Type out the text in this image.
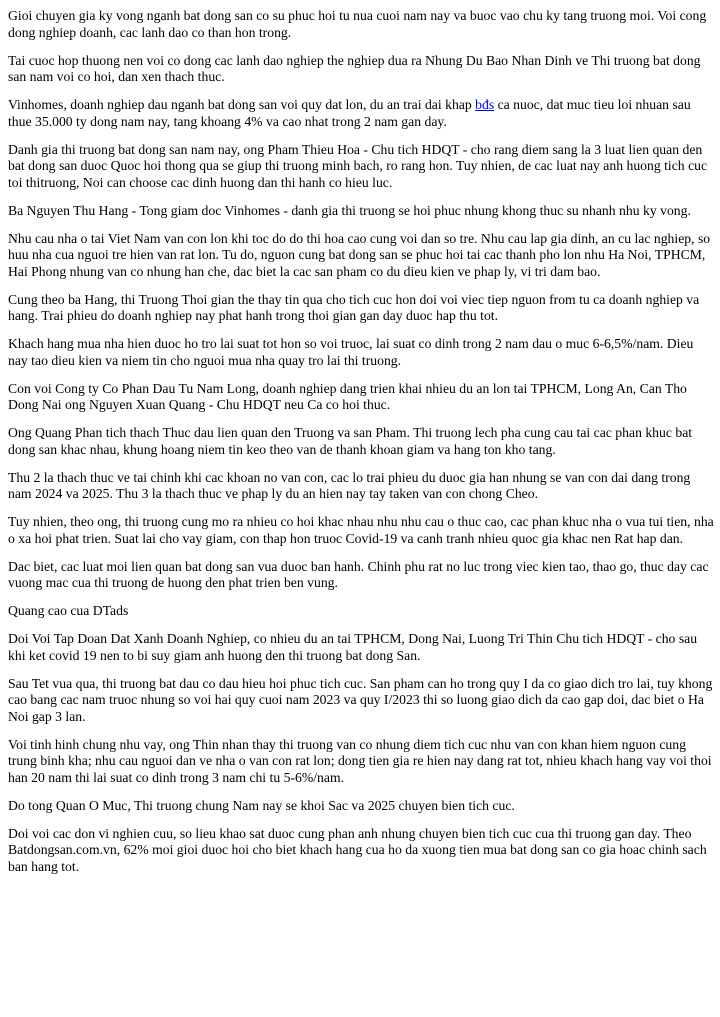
Gioi chuyen gia ky vong nganh bat dong san co su phuc hoi tu nua cuoi nam nay va buoc vao chu ky tang truong moi. Voi cong dong nghiep doanh, cac lanh dao co than hon trong.

Tai cuoc hop thuong nen voi co dong cac lanh dao nghiep the nghiep dua ra Nhung Du Bao Nhan Dinh ve Thi truong bat dong san nam voi co hoi, dan xen thach thuc.

Vinhomes, doanh nghiep dau nganh bat dong san voi quy dat lon, du an trai dai khap bđs ca nuoc, dat muc tieu loi nhuan sau thue 35.000 ty dong nam nay, tang khoang 4% va cao nhat trong 2 nam gan day.

Danh gia thi truong bat dong san nam nay, ong Pham Thieu Hoa - Chu tich HDQT - cho rang diem sang la 3 luat lien quan den bat dong san duoc Quoc hoi thong qua se giup thi truong minh bach, ro rang hon. Tuy nhien, de cac luat nay anh huong tich cuc toi thitruong, Noi can choose cac dinh huong dan thi hanh co hieu luc.

Ba Nguyen Thu Hang - Tong giam doc Vinhomes - danh gia thi truong se hoi phuc nhung khong thuc su nhanh nhu ky vong.

Nhu cau nha o tai Viet Nam van con lon khi toc do do thi hoa cao cung voi dan so tre. Nhu cau lap gia dinh, an cu lac nghiep, so huu nha cua nguoi tre hien van rat lon. Tu do, nguon cung bat dong san se phuc hoi tai cac thanh pho lon nhu Ha Noi, TPHCM, Hai Phong nhung van co nhung han che, dac biet la cac san pham co du dieu kien ve phap ly, vi tri dam bao.

Cung theo ba Hang, thi Truong Thoi gian the thay tin qua cho tich cuc hon doi voi viec tiep nguon from tu ca doanh nghiep va hang. Trai phieu do doanh nghiep nay phat hanh trong thoi gian gan day duoc hap thu tot.

Khach hang mua nha hien duoc ho tro lai suat tot hon so voi truoc, lai suat co dinh trong 2 nam dau o muc 6-6,5%/nam. Dieu nay tao dieu kien va niem tin cho nguoi mua nha quay tro lai thi truong.

Con voi Cong ty Co Phan Dau Tu Nam Long, doanh nghiep dang trien khai nhieu du an lon tai TPHCM, Long An, Can Tho Dong Nai ong Nguyen Xuan Quang - Chu HDQT neu Ca co hoi thuc.

Ong Quang Phan tich thach Thuc dau lien quan den Truong va san Pham. Thi truong lech pha cung cau tai cac phan khuc bat dong san khac nhau, khung hoang niem tin keo theo van de thanh khoan giam va hang ton kho tang.

Thu 2 la thach thuc ve tai chinh khi cac khoan no van con, cac lo trai phieu du duoc gia han nhung se van con dai dang trong nam 2024 va 2025. Thu 3 la thach thuc ve phap ly du an hien nay tay taken van con chong Cheo.

Tuy nhien, theo ong, thi truong cung mo ra nhieu co hoi khac nhau nhu nhu cau o thuc cao, cac phan khuc nha o vua tui tien, nha o xa hoi phat trien. Suat lai cho vay giam, con thap hon truoc Covid-19 va canh tranh nhieu quoc gia khac nen Rat hap dan.

Dac biet, cac luat moi lien quan bat dong san vua duoc ban hanh. Chinh phu rat no luc trong viec kien tao, thao go, thuc day cac vuong mac cua thi truong de huong den phat trien ben vung.

Quang cao cua DTads

Doi Voi Tap Doan Dat Xanh Doanh Nghiep, co nhieu du an tai TPHCM, Dong Nai, Luong Tri Thin Chu tich HDQT - cho sau khi ket covid 19 nen to bi suy giam anh huong den thi truong bat dong San.

Sau Tet vua qua, thi truong bat dau co dau hieu hoi phuc tich cuc. San pham can ho trong quy I da co giao dich tro lai, tuy khong cao bang cac nam truoc nhung so voi hai quy cuoi nam 2023 va quy I/2023 thi so luong giao dich da cao gap doi, dac biet o Ha Noi gap 3 lan.

Voi tinh hinh chung nhu vay, ong Thin nhan thay thi truong van co nhung diem tich cuc nhu van con khan hiem nguon cung trung binh kha; nhu cau nguoi dan ve nha o van con rat lon; dong tien gia re hien nay dang rat tot, nhieu khach hang vay voi thoi han 20 nam thi lai suat co dinh trong 3 nam chi tu 5-6%/nam.

Do tong Quan O Muc, Thi truong chung Nam nay se khoi Sac va 2025 chuyen bien tich cuc.

Doi voi cac don vi nghien cuu, so lieu khao sat duoc cung phan anh nhung chuyen bien tich cuc cua thi truong gan day. Theo Batdongsan.com.vn, 62% moi gioi duoc hoi cho biet khach hang cua ho da xuong tien mua bat dong san co gia hoac chinh sach ban hang tot.
